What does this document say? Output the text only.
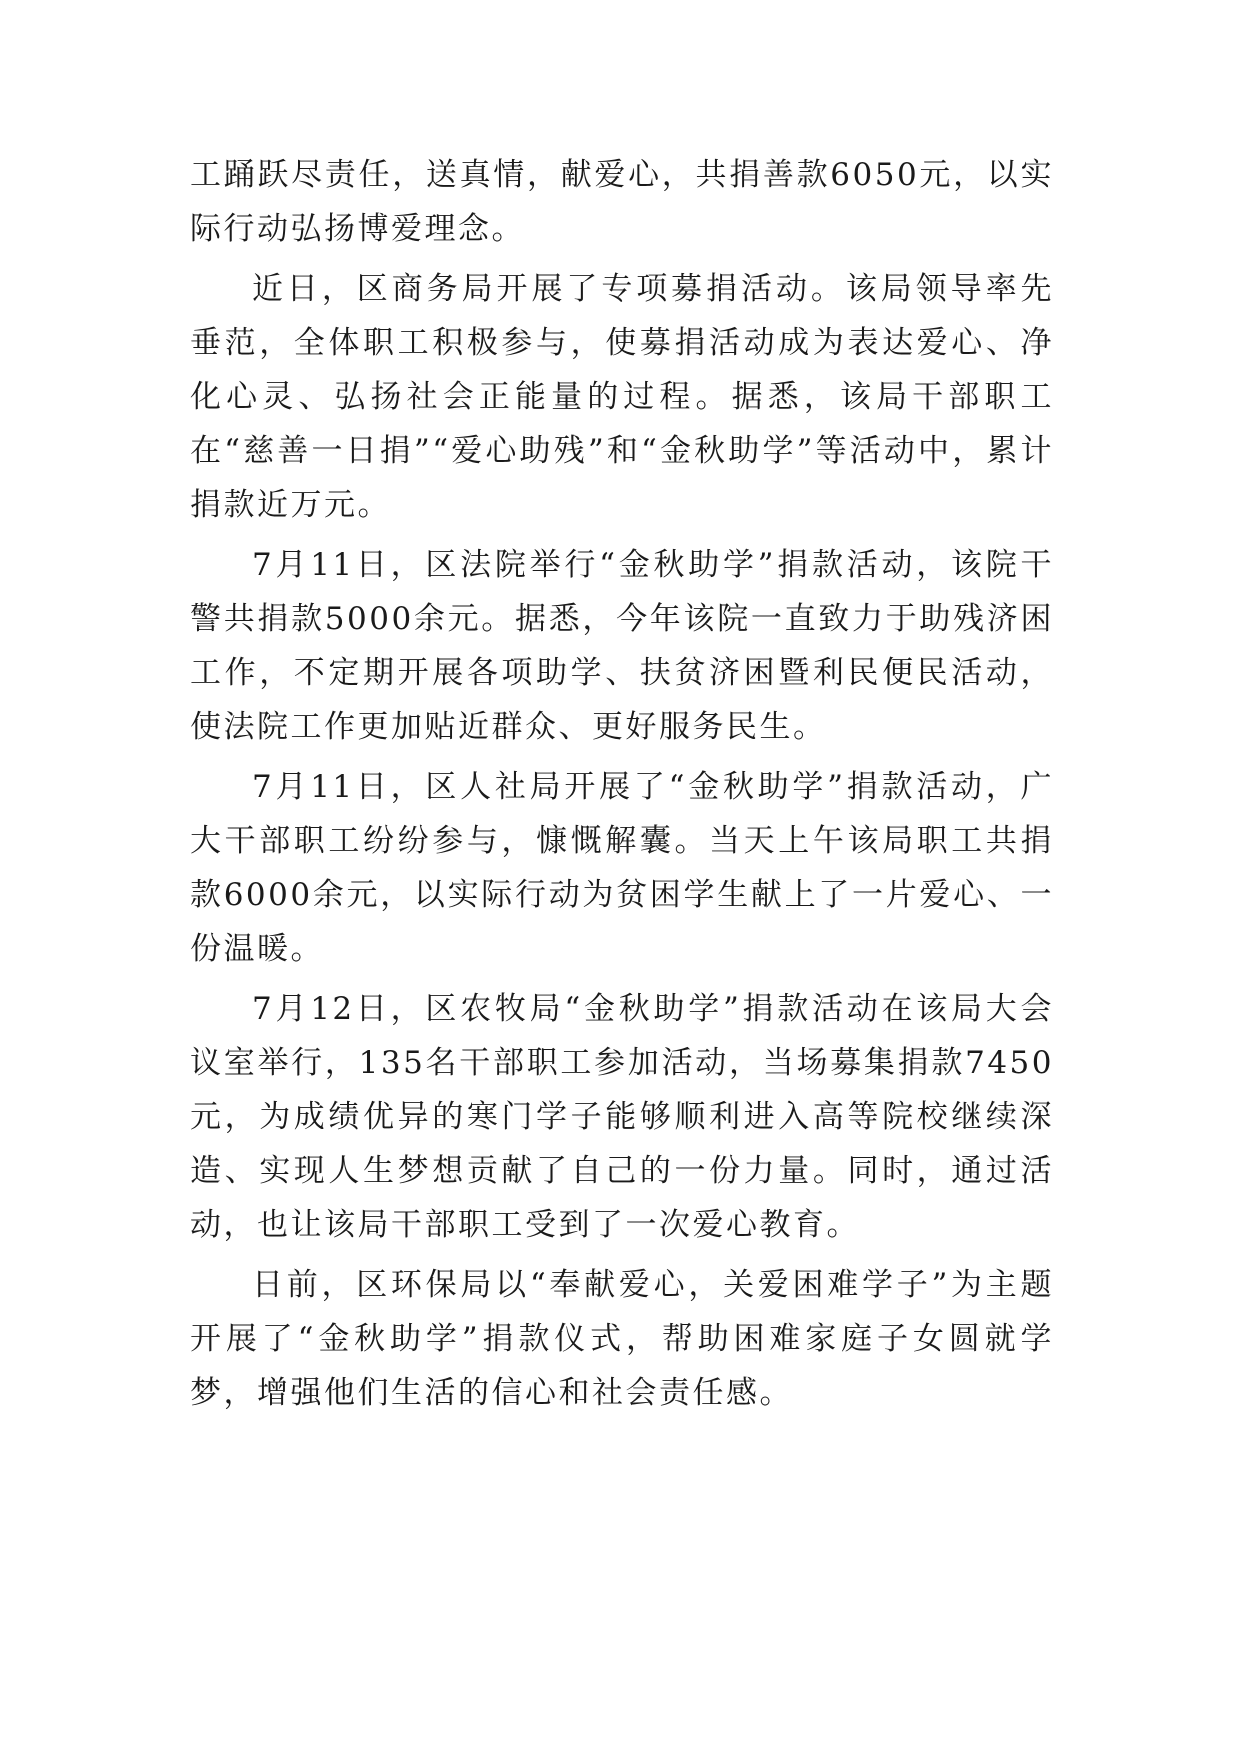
工踊跃尽责任，送真情，献爱心，共捐善款6050元，以实际行动弘扬博爱理念。

近日，区商务局开展了专项募捐活动。该局领导率先垂范，全体职工积极参与，使募捐活动成为表达爱心、净化心灵、弘扬社会正能量的过程。据悉，该局干部职工在“慈善一日捐”“爱心助残”和“金秋助学”等活动中，累计捐款近万元。

7月11日，区法院举行“金秋助学”捐款活动，该院干警共捐款5000余元。据悉，今年该院一直致力于助残济困工作，不定期开展各项助学、扶贫济困暨利民便民活动，使法院工作更加贴近群众、更好服务民生。

7月11日，区人社局开展了“金秋助学”捐款活动，广大干部职工纷纷参与，慷慨解囊。当天上午该局职工共捐款6000余元，以实际行动为贫困学生献上了一片爱心、一份温暖。

7月12日，区农牧局“金秋助学”捐款活动在该局大会议室举行，135名干部职工参加活动，当场募集捐款7450元，为成绩优异的寒门学子能够顺利进入高等院校继续深造、实现人生梦想贡献了自己的一份力量。同时，通过活动，也让该局干部职工受到了一次爱心教育。

日前，区环保局以“奉献爱心，关爱困难学子”为主题开展了“金秋助学”捐款仪式，帮助困难家庭子女圆就学梦，增强他们生活的信心和社会责任感。
